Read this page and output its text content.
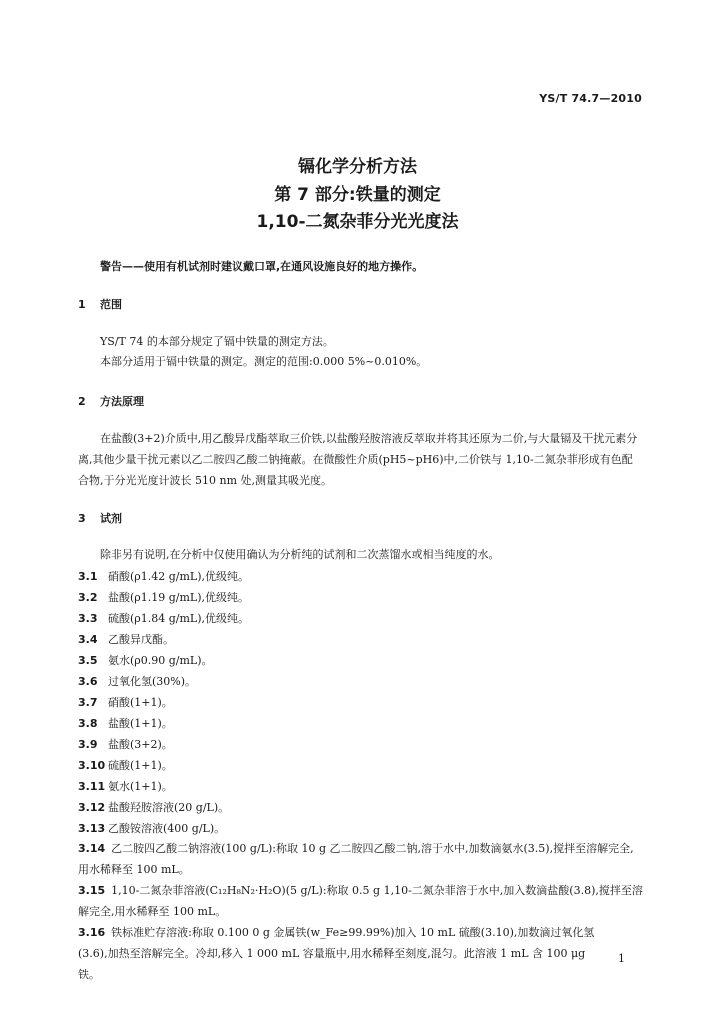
YS/T 74.7—2010
镉化学分析方法
第 7 部分:铁量的测定
1,10-二氮杂菲分光光度法
警告——使用有机试剂时建议戴口罩,在通风设施良好的地方操作。
1 范围
YS/T 74 的本部分规定了镉中铁量的测定方法。
本部分适用于镉中铁量的测定。测定的范围:0.000 5%~0.010%。
2 方法原理
在盐酸(3+2)介质中,用乙酸异戊酯萃取三价铁,以盐酸羟胺溶液反萃取并将其还原为二价,与大量镉及干扰元素分离,其他少量干扰元素以乙二胺四乙酸二钠掩蔽。在微酸性介质(pH5~pH6)中,二价铁与 1,10-二氮杂菲形成有色配合物,于分光光度计波长 510 nm 处,测量其吸光度。
3 试剂
除非另有说明,在分析中仅使用确认为分析纯的试剂和二次蒸馏水或相当纯度的水。
3.1 硝酸(ρ1.42 g/mL),优级纯。
3.2 盐酸(ρ1.19 g/mL),优级纯。
3.3 硫酸(ρ1.84 g/mL),优级纯。
3.4 乙酸异戊酯。
3.5 氨水(ρ0.90 g/mL)。
3.6 过氧化氢(30%)。
3.7 硝酸(1+1)。
3.8 盐酸(1+1)。
3.9 盐酸(3+2)。
3.10 硫酸(1+1)。
3.11 氨水(1+1)。
3.12 盐酸羟胺溶液(20 g/L)。
3.13 乙酸铵溶液(400 g/L)。
3.14 乙二胺四乙酸二钠溶液(100 g/L):称取 10 g 乙二胺四乙酸二钠,溶于水中,加数滴氨水(3.5),搅拌至溶解完全,用水稀释至 100 mL。
3.15 1,10-二氮杂菲溶液(C₁₂H₈N₂·H₂O)(5 g/L):称取 0.5 g 1,10-二氮杂菲溶于水中,加入数滴盐酸(3.8),搅拌至溶解完全,用水稀释至 100 mL。
3.16 铁标准贮存溶液:称取 0.100 0 g 金属铁(w_Fe≥99.99%)加入 10 mL 硫酸(3.10),加数滴过氧化氢(3.6),加热至溶解完全。冷却,移入 1 000 mL 容量瓶中,用水稀释至刻度,混匀。此溶液 1 mL 含 100 μg 铁。
1
